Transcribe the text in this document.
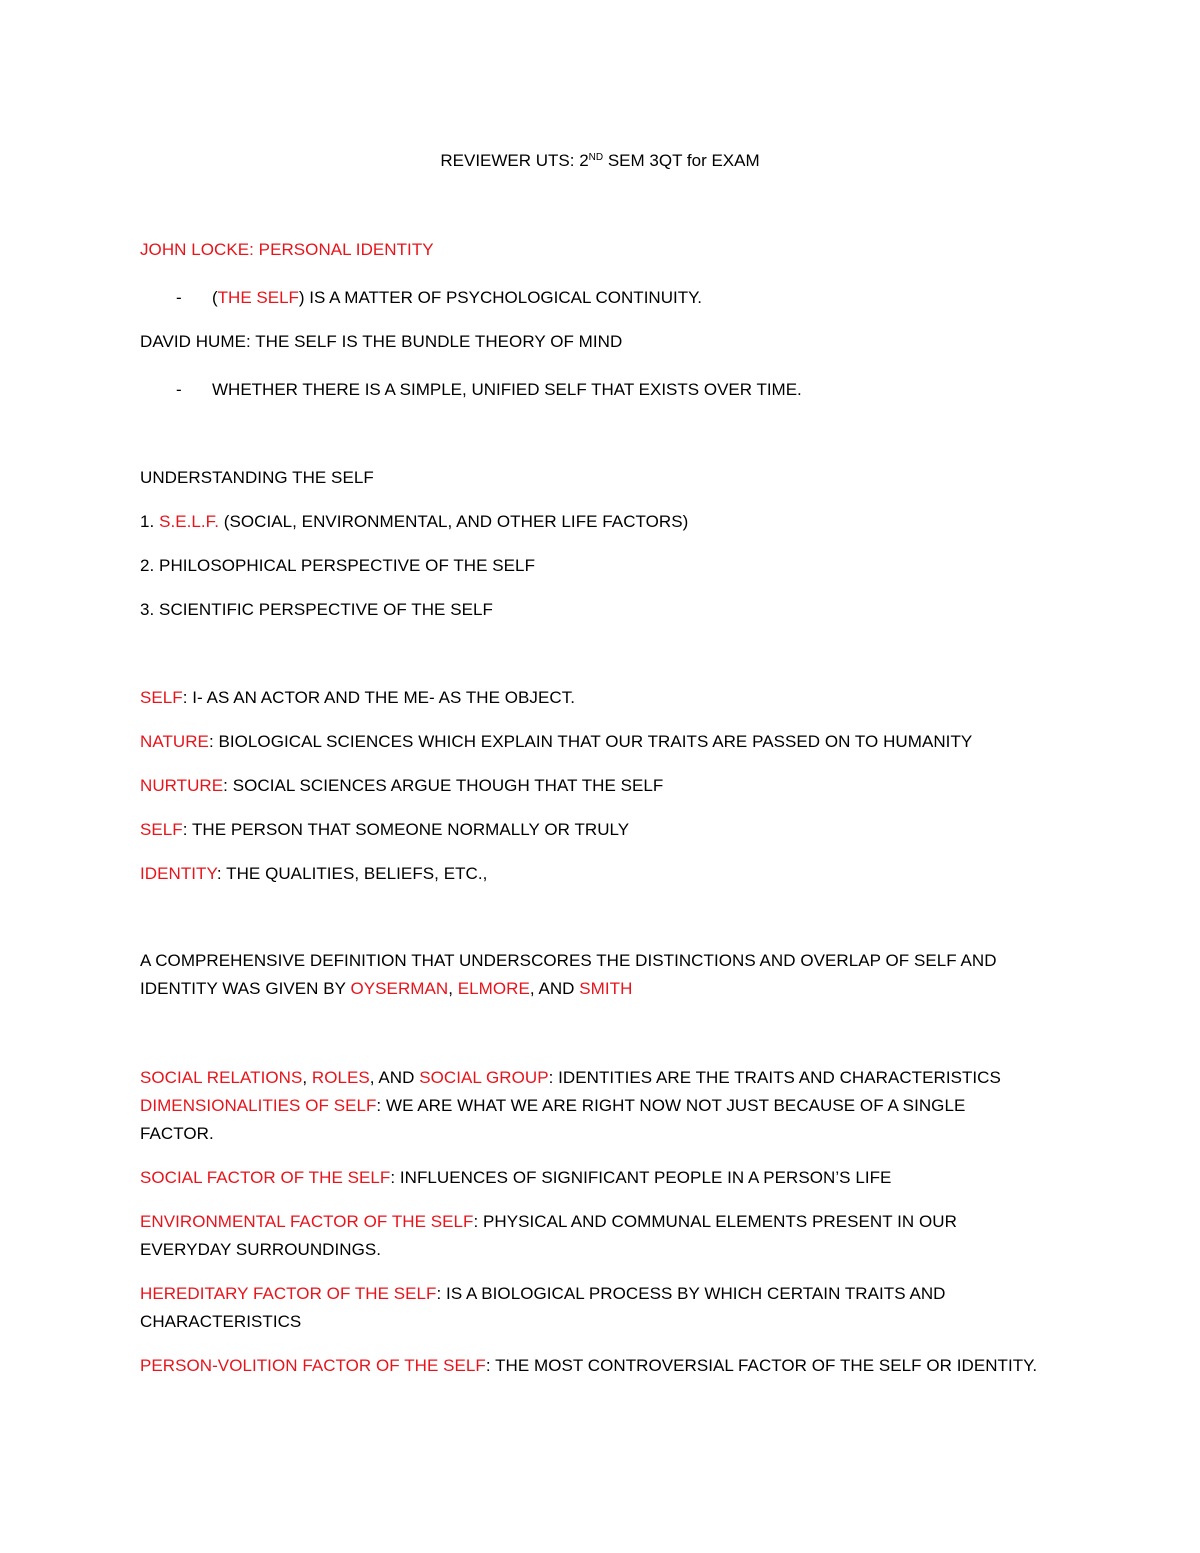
REVIEWER UTS: 2ND SEM 3QT for EXAM
JOHN LOCKE: PERSONAL IDENTITY
- (THE SELF) IS A MATTER OF PSYCHOLOGICAL CONTINUITY.
DAVID HUME: THE SELF IS THE BUNDLE THEORY OF MIND
- WHETHER THERE IS A SIMPLE, UNIFIED SELF THAT EXISTS OVER TIME.
UNDERSTANDING THE SELF
1. S.E.L.F. (SOCIAL, ENVIRONMENTAL, AND OTHER LIFE FACTORS)
2. PHILOSOPHICAL PERSPECTIVE OF THE SELF
3. SCIENTIFIC PERSPECTIVE OF THE SELF
SELF: I- AS AN ACTOR AND THE ME- AS THE OBJECT.
NATURE: BIOLOGICAL SCIENCES WHICH EXPLAIN THAT OUR TRAITS ARE PASSED ON TO HUMANITY
NURTURE: SOCIAL SCIENCES ARGUE THOUGH THAT THE SELF
SELF: THE PERSON THAT SOMEONE NORMALLY OR TRULY
IDENTITY: THE QUALITIES, BELIEFS, ETC.,
A COMPREHENSIVE DEFINITION THAT UNDERSCORES THE DISTINCTIONS AND OVERLAP OF SELF AND
IDENTITY WAS GIVEN BY OYSERMAN, ELMORE, AND SMITH
SOCIAL RELATIONS, ROLES, AND SOCIAL GROUP: IDENTITIES ARE THE TRAITS AND CHARACTERISTICS
DIMENSIONALITIES OF SELF: WE ARE WHAT WE ARE RIGHT NOW NOT JUST BECAUSE OF A SINGLE
FACTOR.
SOCIAL FACTOR OF THE SELF: INFLUENCES OF SIGNIFICANT PEOPLE IN A PERSON’S LIFE
ENVIRONMENTAL FACTOR OF THE SELF: PHYSICAL AND COMMUNAL ELEMENTS PRESENT IN OUR
EVERYDAY SURROUNDINGS.
HEREDITARY FACTOR OF THE SELF: IS A BIOLOGICAL PROCESS BY WHICH CERTAIN TRAITS AND
CHARACTERISTICS
PERSON-VOLITION FACTOR OF THE SELF: THE MOST CONTROVERSIAL FACTOR OF THE SELF OR IDENTITY.
